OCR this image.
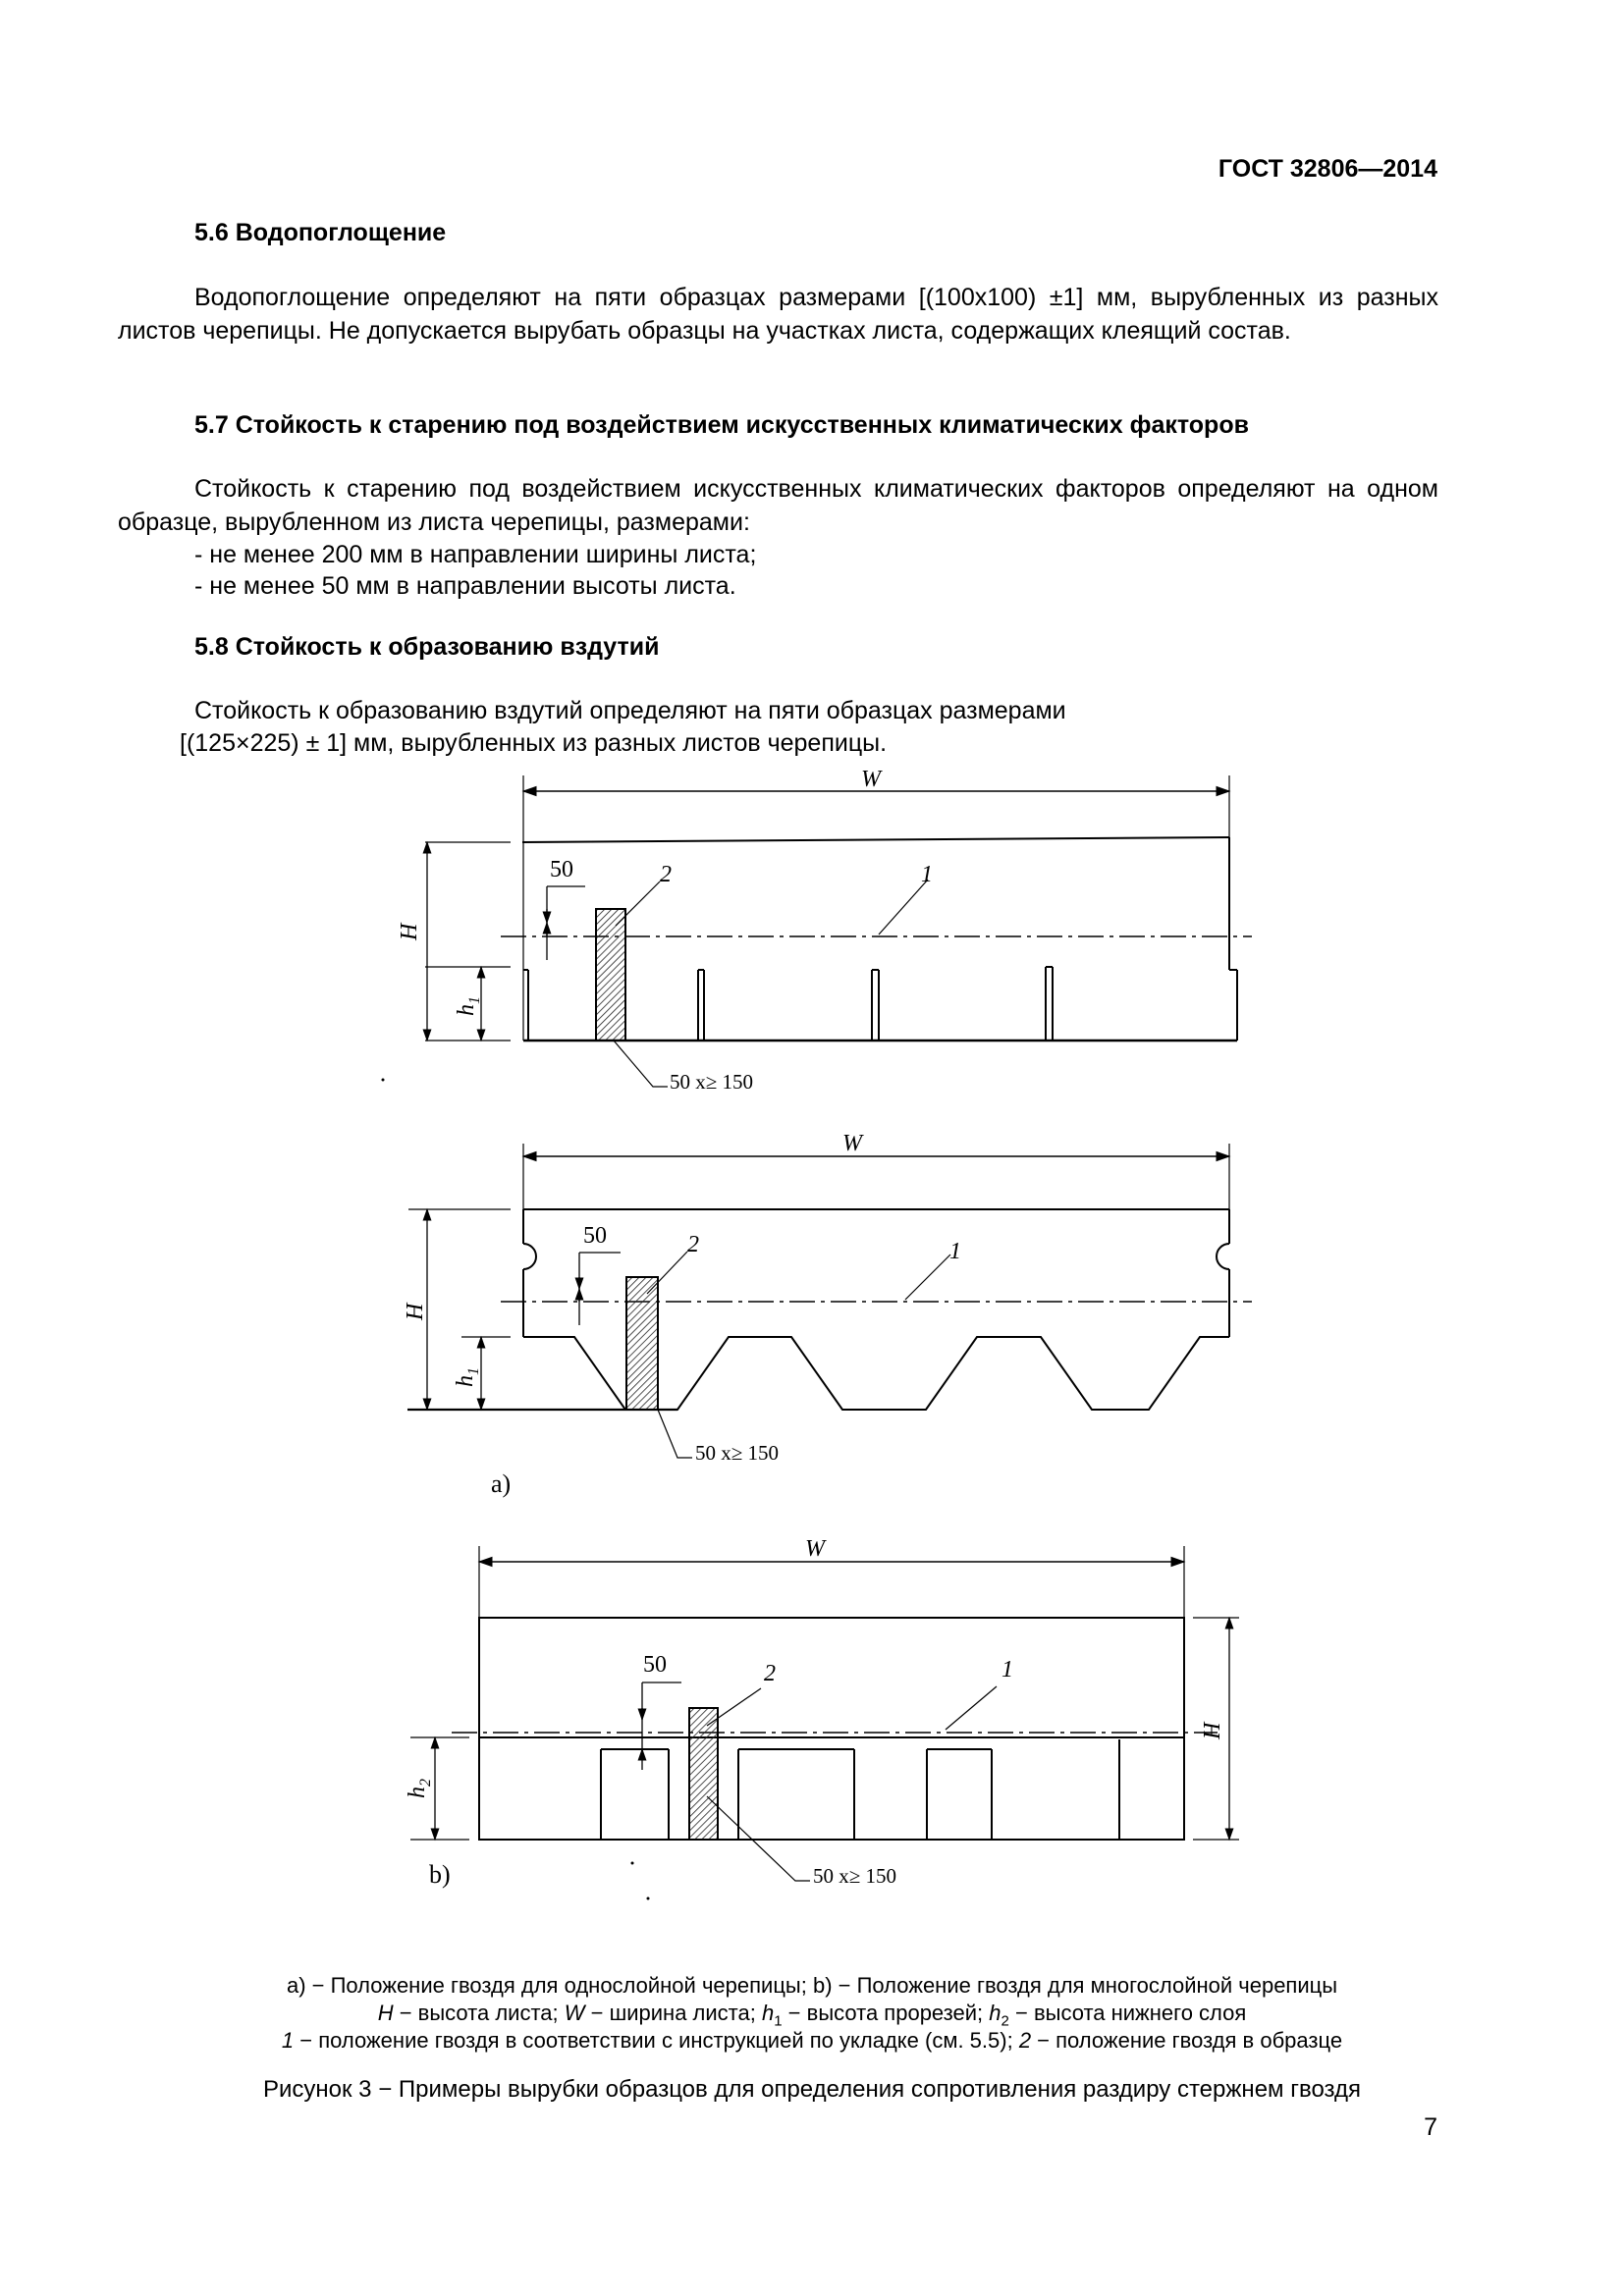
ГОСТ 32806—2014
5.6 Водопоглощение
Водопоглощение определяют на пяти образцах размерами [(100x100) ±1] мм, вырубленных из разных листов черепицы. Не допускается вырубать образцы на участках листа, содержащих клеящий состав.
5.7 Стойкость к старению под воздействием искусственных климатических факторов
Стойкость к старению под воздействием искусственных климатических факторов определяют на одном образце, вырубленном из листа черепицы, размерами:
- не менее 200 мм в направлении ширины листа;
- не менее 50 мм в направлении высоты листа.
5.8 Стойкость к образованию вздутий
Стойкость к образованию вздутий определяют на пяти образцах размерами
[(125×225) ± 1] мм, вырубленных из разных листов черепицы.
W
H
$h_1$
50	2	1
50 x≥ 150
W
H
$h_1$
50	2	1
50 x≥ 150
a)
W
H
$h_2$
50	2	1
50 x≥ 150
b)
a) − Положение гвоздя для однослойной черепицы; b) − Положение гвоздя для многослойной черепицы
H − высота листа; W − ширина листа; $h_1$ − высота прорезей; $h_2$ − высота нижнего слоя
1 − положение гвоздя в соответствии с инструкцией по укладке (см. 5.5); 2 − положение гвоздя в образце
Рисунок 3 − Примеры вырубки образцов для определения сопротивления раздиру стержнем гвоздя
7
